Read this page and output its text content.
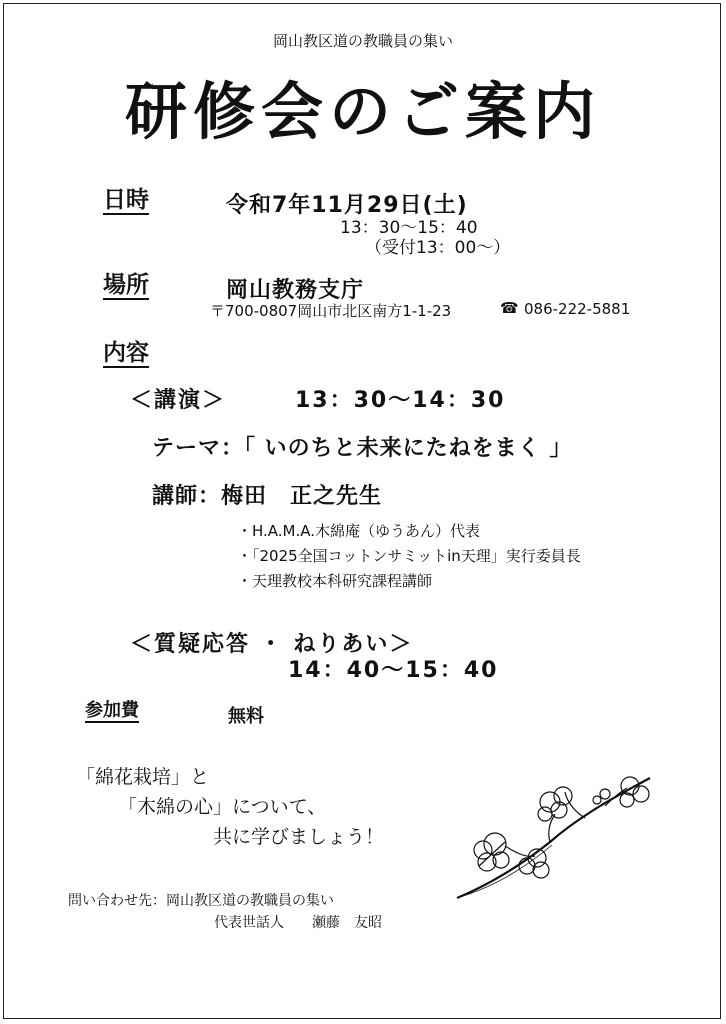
岡山教区道の教職員の集い
研修会のご案内
日時	令和7年11月29日(土)
13：30～15：40
（受付13：00～）
場所	岡山教務支庁
〒700-0807岡山市北区南方1-1-23	☎ 086-222-5881
内容
＜講演＞	13：30～14：30
テーマ：「 いのちと未来にたねをまく 」
講師：梅田　正之先生
・H.A.M.A.木綿庵（ゆうあん）代表
・「2025全国コットンサミットin天理」実行委員長
・天理教校本科研究課程講師
＜質疑応答 ・ ねりあい＞
14：40～15：40
参加費	無料
「綿花栽培」と
「木綿の心」について、
共に学びましょう！
問い合わせ先：岡山教区道の教職員の集い
代表世話人　　瀬藤　友昭
